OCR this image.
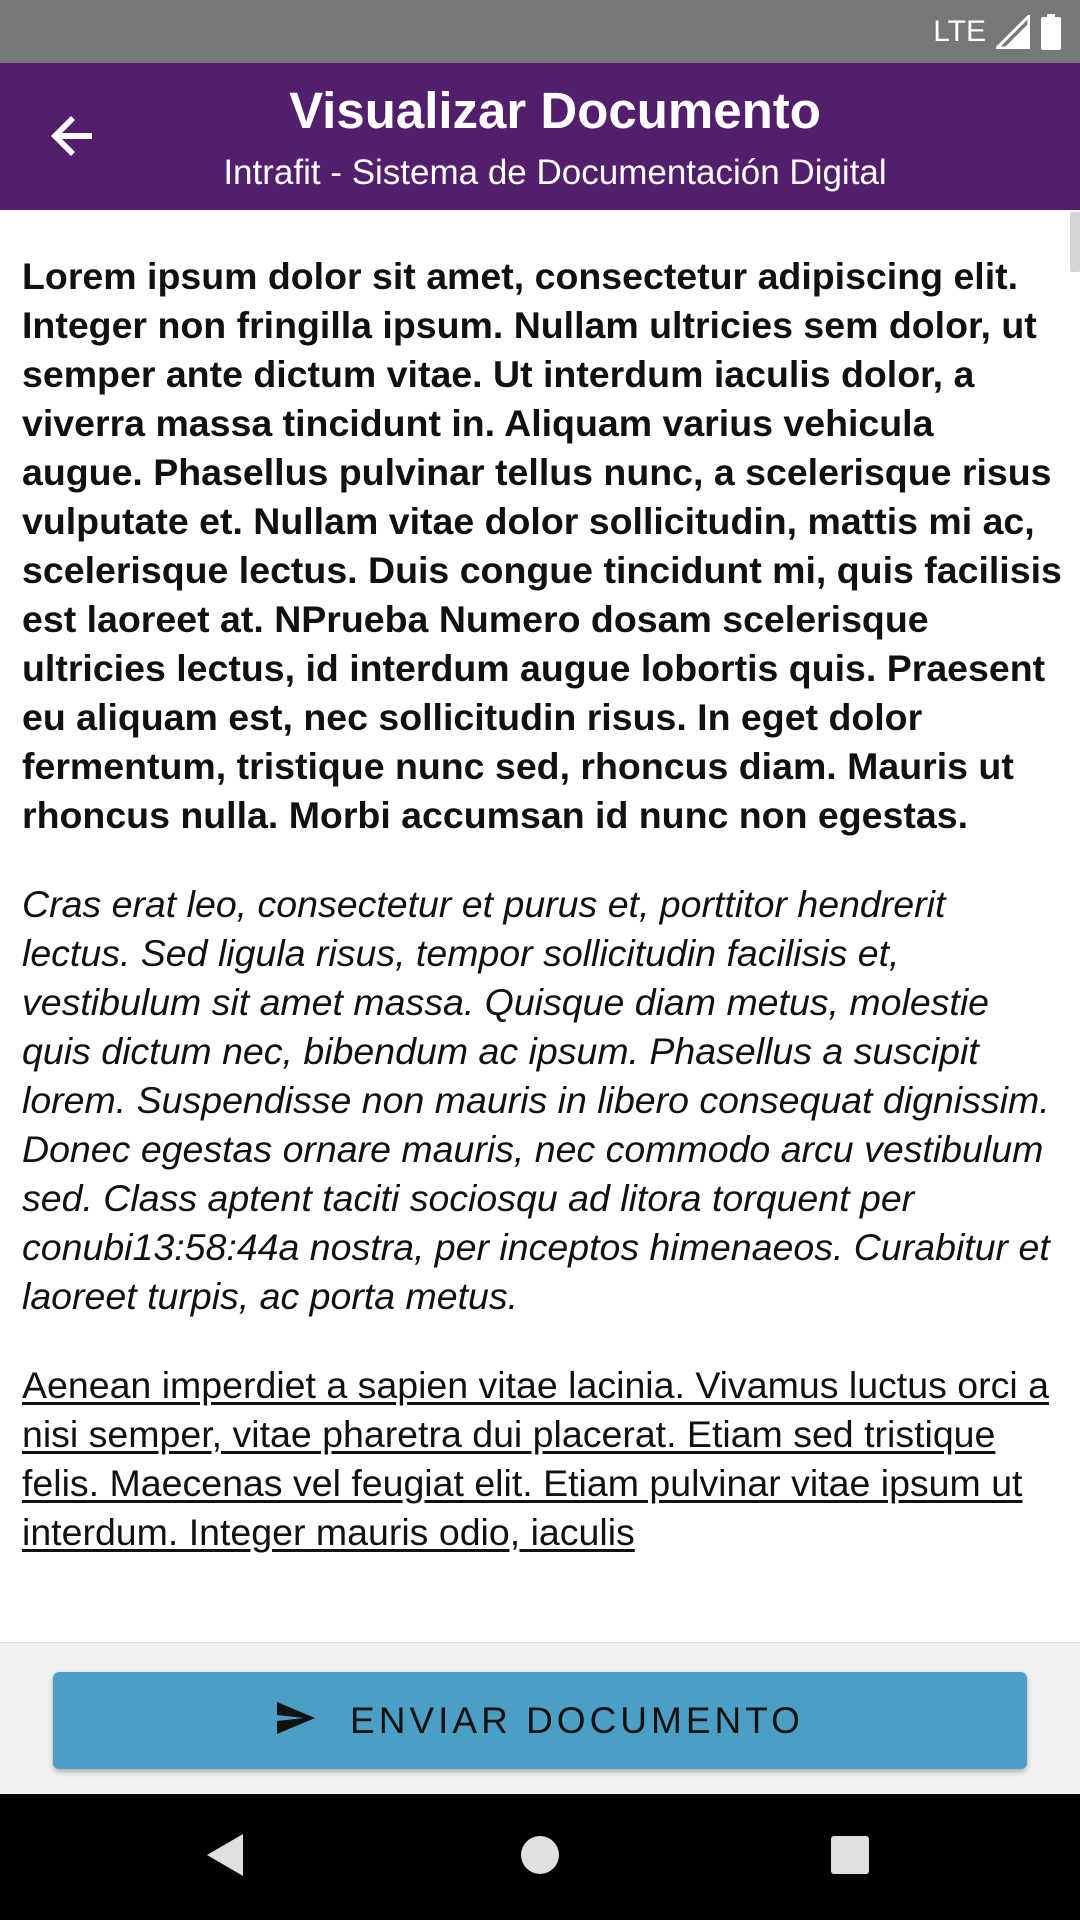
LTE
Visualizar Documento
Intrafit - Sistema de Documentación Digital

Lorem ipsum dolor sit amet, consectetur adipiscing elit. Integer non fringilla ipsum. Nullam ultricies sem dolor, ut semper ante dictum vitae. Ut interdum iaculis dolor, a viverra massa tincidunt in. Aliquam varius vehicula augue. Phasellus pulvinar tellus nunc, a scelerisque risus vulputate et. Nullam vitae dolor sollicitudin, mattis mi ac, scelerisque lectus. Duis congue tincidunt mi, quis facilisis est laoreet at. NPrueba Numero dosam scelerisque ultricies lectus, id interdum augue lobortis quis. Praesent eu aliquam est, nec sollicitudin risus. In eget dolor fermentum, tristique nunc sed, rhoncus diam. Mauris ut rhoncus nulla. Morbi accumsan id nunc non egestas.

Cras erat leo, consectetur et purus et, porttitor hendrerit lectus. Sed ligula risus, tempor sollicitudin facilisis et, vestibulum sit amet massa. Quisque diam metus, molestie quis dictum nec, bibendum ac ipsum. Phasellus a suscipit lorem. Suspendisse non mauris in libero consequat dignissim. Donec egestas ornare mauris, nec commodo arcu vestibulum sed. Class aptent taciti sociosqu ad litora torquent per conubi13:58:44a nostra, per inceptos himenaeos. Curabitur et laoreet turpis, ac porta metus.

Aenean imperdiet a sapien vitae lacinia. Vivamus luctus orci a nisi semper, vitae pharetra dui placerat. Etiam sed tristique felis. Maecenas vel feugiat elit. Etiam pulvinar vitae ipsum ut interdum. Integer mauris odio, iaculis

ENVIAR DOCUMENTO
